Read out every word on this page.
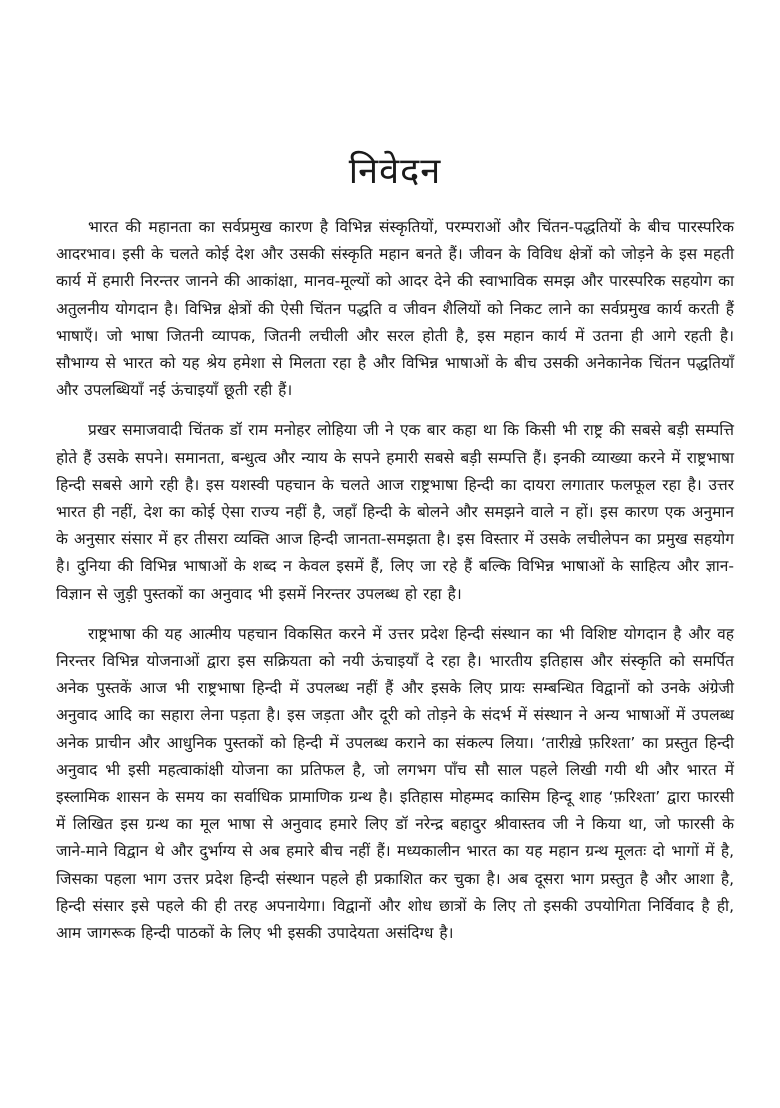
निवेदन

भारत की महानता का सर्वप्रमुख कारण है विभिन्न संस्कृतियों, परम्पराओं और चिंतन-पद्धतियों के बीच पारस्परिक आदरभाव। इसी के चलते कोई देश और उसकी संस्कृति महान बनते हैं। जीवन के विविध क्षेत्रों को जोड़ने के इस महती कार्य में हमारी निरन्तर जानने की आकांक्षा, मानव-मूल्यों को आदर देने की स्वाभाविक समझ और पारस्परिक सहयोग का अतुलनीय योगदान है। विभिन्न क्षेत्रों की ऐसी चिंतन पद्धति व जीवन शैलियों को निकट लाने का सर्वप्रमुख कार्य करती हैं भाषाएँ। जो भाषा जितनी व्यापक, जितनी लचीली और सरल होती है, इस महान कार्य में उतना ही आगे रहती है। सौभाग्य से भारत को यह श्रेय हमेशा से मिलता रहा है और विभिन्न भाषाओं के बीच उसकी अनेकानेक चिंतन पद्धतियाँ और उपलब्धियाँ नई ऊंचाइयाँ छूती रही हैं।

प्रखर समाजवादी चिंतक डॉ राम मनोहर लोहिया जी ने एक बार कहा था कि किसी भी राष्ट्र की सबसे बड़ी सम्पत्ति होते हैं उसके सपने। समानता, बन्धुत्व और न्याय के सपने हमारी सबसे बड़ी सम्पत्ति हैं। इनकी व्याख्या करने में राष्ट्रभाषा हिन्दी सबसे आगे रही है। इस यशस्वी पहचान के चलते आज राष्ट्रभाषा हिन्दी का दायरा लगातार फलफूल रहा है। उत्तर भारत ही नहीं, देश का कोई ऐसा राज्य नहीं है, जहाँ हिन्दी के बोलने और समझने वाले न हों। इस कारण एक अनुमान के अनुसार संसार में हर तीसरा व्यक्ति आज हिन्दी जानता-समझता है। इस विस्तार में उसके लचीलेपन का प्रमुख सहयोग है। दुनिया की विभिन्न भाषाओं के शब्द न केवल इसमें हैं, लिए जा रहे हैं बल्कि विभिन्न भाषाओं के साहित्य और ज्ञान-विज्ञान से जुड़ी पुस्तकों का अनुवाद भी इसमें निरन्तर उपलब्ध हो रहा है।

राष्ट्रभाषा की यह आत्मीय पहचान विकसित करने में उत्तर प्रदेश हिन्दी संस्थान का भी विशिष्ट योगदान है और वह निरन्तर विभिन्न योजनाओं द्वारा इस सक्रियता को नयी ऊंचाइयाँ दे रहा है। भारतीय इतिहास और संस्कृति को समर्पित अनेक पुस्तकें आज भी राष्ट्रभाषा हिन्दी में उपलब्ध नहीं हैं और इसके लिए प्रायः सम्बन्धित विद्वानों को उनके अंग्रेजी अनुवाद आदि का सहारा लेना पड़ता है। इस जड़ता और दूरी को तोड़ने के संदर्भ में संस्थान ने अन्य भाषाओं में उपलब्ध अनेक प्राचीन और आधुनिक पुस्तकों को हिन्दी में उपलब्ध कराने का संकल्प लिया। ‘तारीख़े फ़रिश्ता’ का प्रस्तुत हिन्दी अनुवाद भी इसी महत्वाकांक्षी योजना का प्रतिफल है, जो लगभग पाँच सौ साल पहले लिखी गयी थी और भारत में इस्लामिक शासन के समय का सर्वाधिक प्रामाणिक ग्रन्थ है। इतिहास मोहम्मद कासिम हिन्दू शाह ‘फ़रिश्ता’ द्वारा फारसी में लिखित इस ग्रन्थ का मूल भाषा से अनुवाद हमारे लिए डॉ नरेन्द्र बहादुर श्रीवास्तव जी ने किया था, जो फारसी के जाने-माने विद्वान थे और दुर्भाग्य से अब हमारे बीच नहीं हैं। मध्यकालीन भारत का यह महान ग्रन्थ मूलतः दो भागों में है, जिसका पहला भाग उत्तर प्रदेश हिन्दी संस्थान पहले ही प्रकाशित कर चुका है। अब दूसरा भाग प्रस्तुत है और आशा है, हिन्दी संसार इसे पहले की ही तरह अपनायेगा। विद्वानों और शोध छात्रों के लिए तो इसकी उपयोगिता निर्विवाद है ही, आम जागरूक हिन्दी पाठकों के लिए भी इसकी उपादेयता असंदिग्ध है।
